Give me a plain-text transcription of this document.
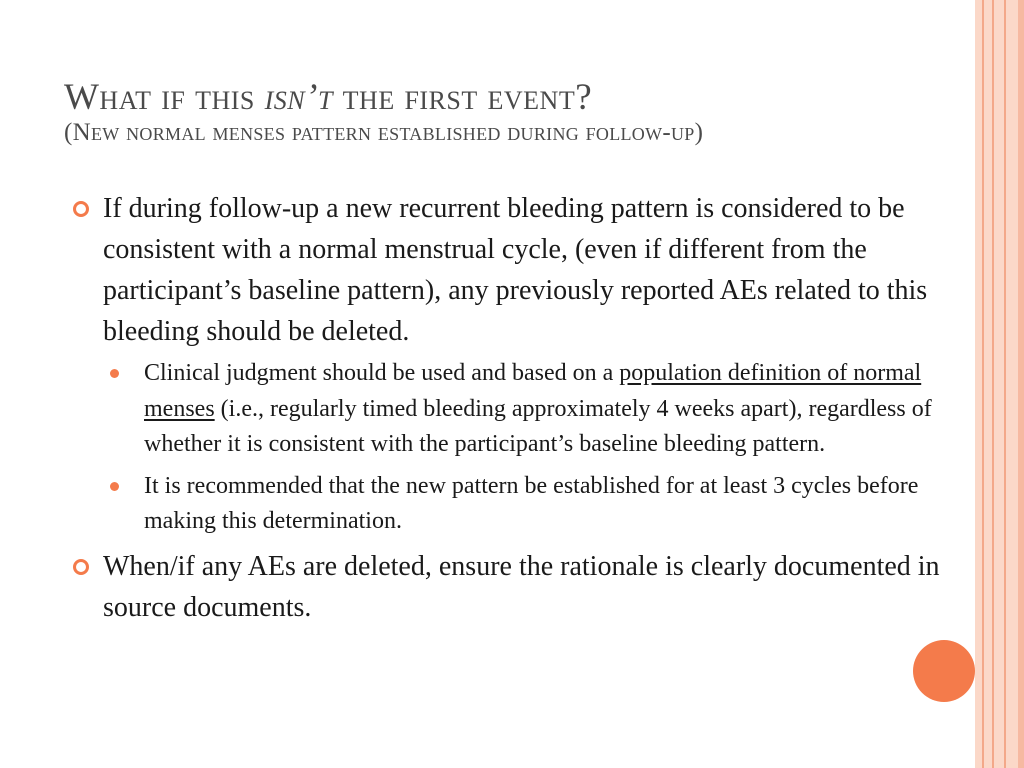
What if this isn’t the first event?
(New normal menses pattern established during follow-up)
If during follow-up a new recurrent bleeding pattern is considered to be consistent with a normal menstrual cycle, (even if different from the participant’s baseline pattern), any previously reported AEs related to this bleeding should be deleted.
Clinical judgment should be used and based on a population definition of normal menses (i.e., regularly timed bleeding approximately 4 weeks apart), regardless of whether it is consistent with the participant’s baseline bleeding pattern.
It is recommended that the new pattern be established for at least 3 cycles before making this determination.
When/if any AEs are deleted, ensure the rationale is clearly documented in source documents.
